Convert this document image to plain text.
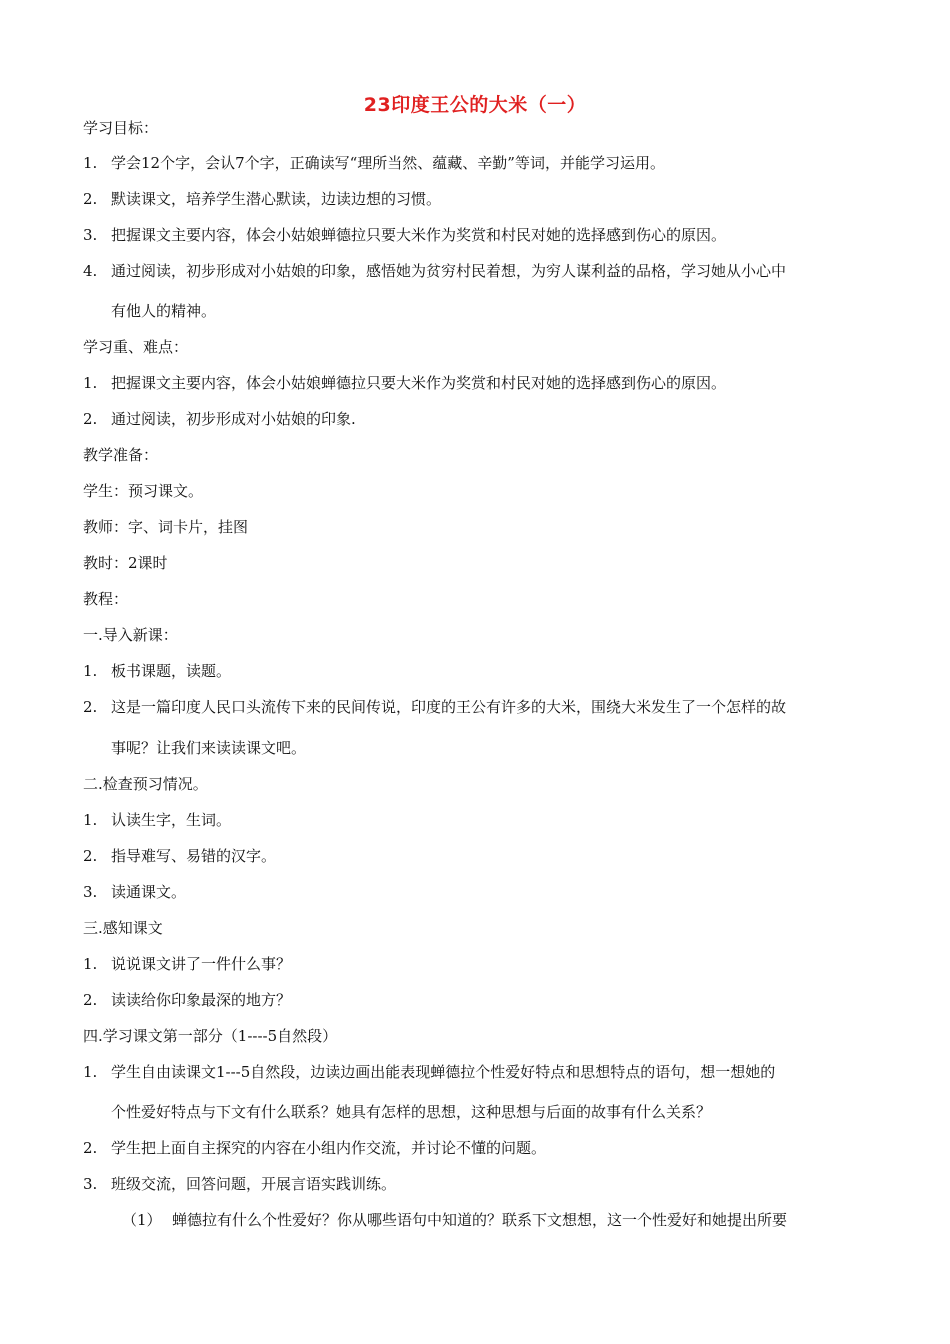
23印度王公的大米（一）
学习目标：
1. 学会12个字，会认7个字，正确读写“理所当然、蕴藏、辛勤”等词，并能学习运用。
2. 默读课文，培养学生潜心默读，边读边想的习惯。
3. 把握课文主要内容，体会小姑娘蝉德拉只要大米作为奖赏和村民对她的选择感到伤心的原因。
4. 通过阅读，初步形成对小姑娘的印象，感悟她为贫穷村民着想，为穷人谋利益的品格，学习她从小心中
有他人的精神。
学习重、难点：
1. 把握课文主要内容，体会小姑娘蝉德拉只要大米作为奖赏和村民对她的选择感到伤心的原因。
2. 通过阅读，初步形成对小姑娘的印象.
教学准备：
学生：预习课文。
教师：字、词卡片，挂图
教时：2课时
教程：
一.导入新课：
1. 板书课题，读题。
2. 这是一篇印度人民口头流传下来的民间传说，印度的王公有许多的大米，围绕大米发生了一个怎样的故
事呢？让我们来读读课文吧。
二.检查预习情况。
1. 认读生字，生词。
2. 指导难写、易错的汉字。
3. 读通课文。
三.感知课文
1. 说说课文讲了一件什么事？
2. 读读给你印象最深的地方？
四.学习课文第一部分（1----5自然段）
1. 学生自由读课文1---5自然段，边读边画出能表现蝉德拉个性爱好特点和思想特点的语句，想一想她的
个性爱好特点与下文有什么联系？她具有怎样的思想，这种思想与后面的故事有什么关系？
2. 学生把上面自主探究的内容在小组内作交流，并讨论不懂的问题。
3. 班级交流，回答问题，开展言语实践训练。
（1） 蝉德拉有什么个性爱好？你从哪些语句中知道的？联系下文想想，这一个性爱好和她提出所要
